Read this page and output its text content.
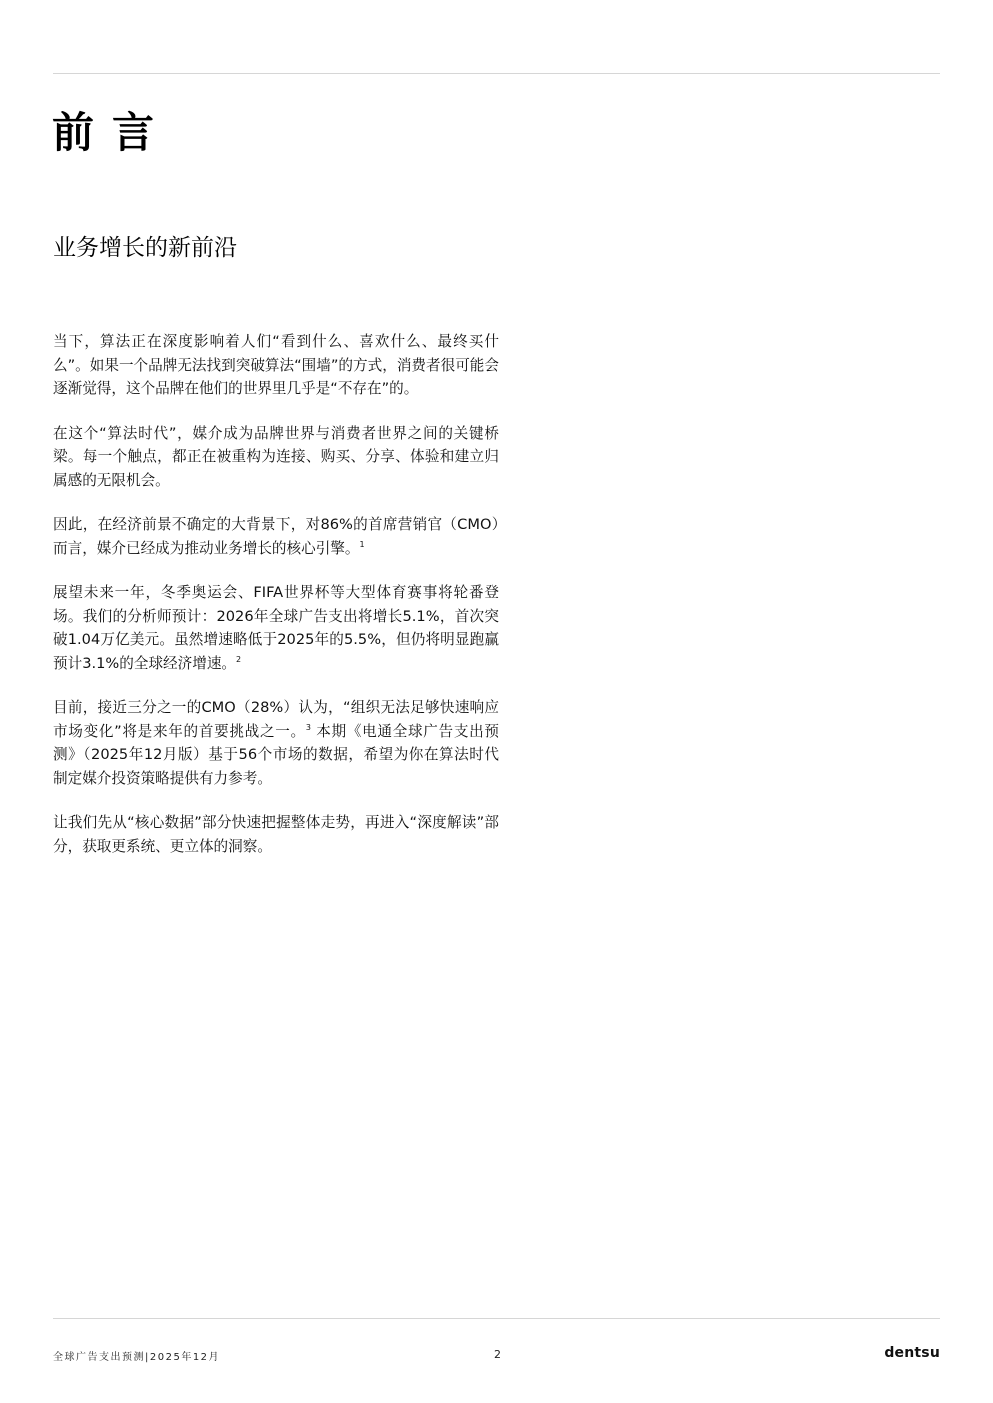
前言
业务增长的新前沿

当下，算法正在深度影响着人们“看到什么、喜欢什么、最终买什么”。如果一个品牌无法找到突破算法“围墙”的方式，消费者很可能会逐渐觉得，这个品牌在他们的世界里几乎是“不存在”的。

在这个“算法时代”，媒介成为品牌世界与消费者世界之间的关键桥梁。每一个触点，都正在被重构为连接、购买、分享、体验和建立归属感的无限机会。

因此，在经济前景不确定的大背景下，对86%的首席营销官（CMO）而言，媒介已经成为推动业务增长的核心引擎。$^1$

展望未来一年，冬季奥运会、FIFA世界杯等大型体育赛事将轮番登场。我们的分析师预计：2026年全球广告支出将增长5.1%，首次突破1.04万亿美元。虽然增速略低于2025年的5.5%，但仍将明显跑赢预计3.1%的全球经济增速。$^2$

目前，接近三分之一的CMO（28%）认为，“组织无法足够快速响应市场变化”将是来年的首要挑战之一。$^3$ 本期《电通全球广告支出预测》（2025年12月版）基于56个市场的数据，希望为你在算法时代制定媒介投资策略提供有力参考。

让我们先从“核心数据”部分快速把握整体走势，再进入“深度解读”部分，获取更系统、更立体的洞察。

全球广告支出预测|2025年12月	2	dentsu
